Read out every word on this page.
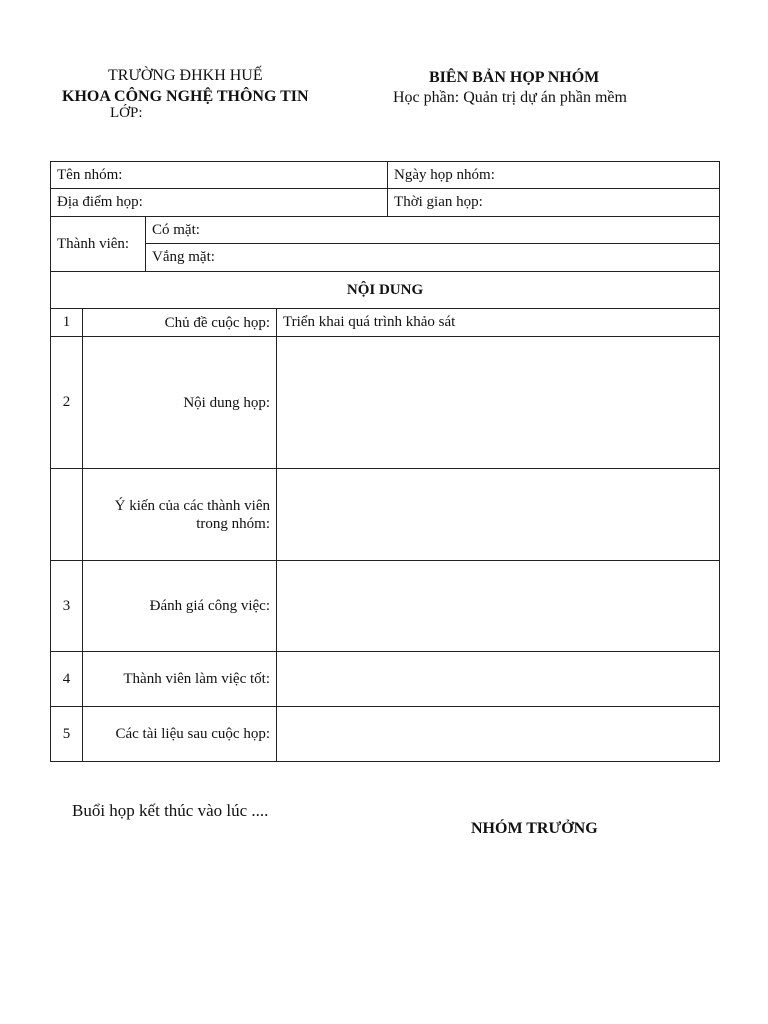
TRƯỜNG ĐHKH HUẾ
KHOA CÔNG NGHỆ THÔNG TIN
LỚP:
BIÊN BẢN HỌP NHÓM
Học phần: Quản trị dự án phần mềm
Tên nhóm:				Ngày họp nhóm:
Địa điểm họp:				Thời gian họp:
Thành viên:		Có mặt:		
		Vắng mặt:		
NỘI DUNG				
1	Chủ đề cuộc họp:		Triển khai quá trình khảo sát	
2	Nội dung họp:			
	Ý kiến của các thành viên trong nhóm:			
3	Đánh giá công việc:			
4	Thành viên làm việc tốt:			
5	Các tài liệu sau cuộc họp:			
Buổi họp kết thúc vào lúc ....
NHÓM TRƯỞNG
